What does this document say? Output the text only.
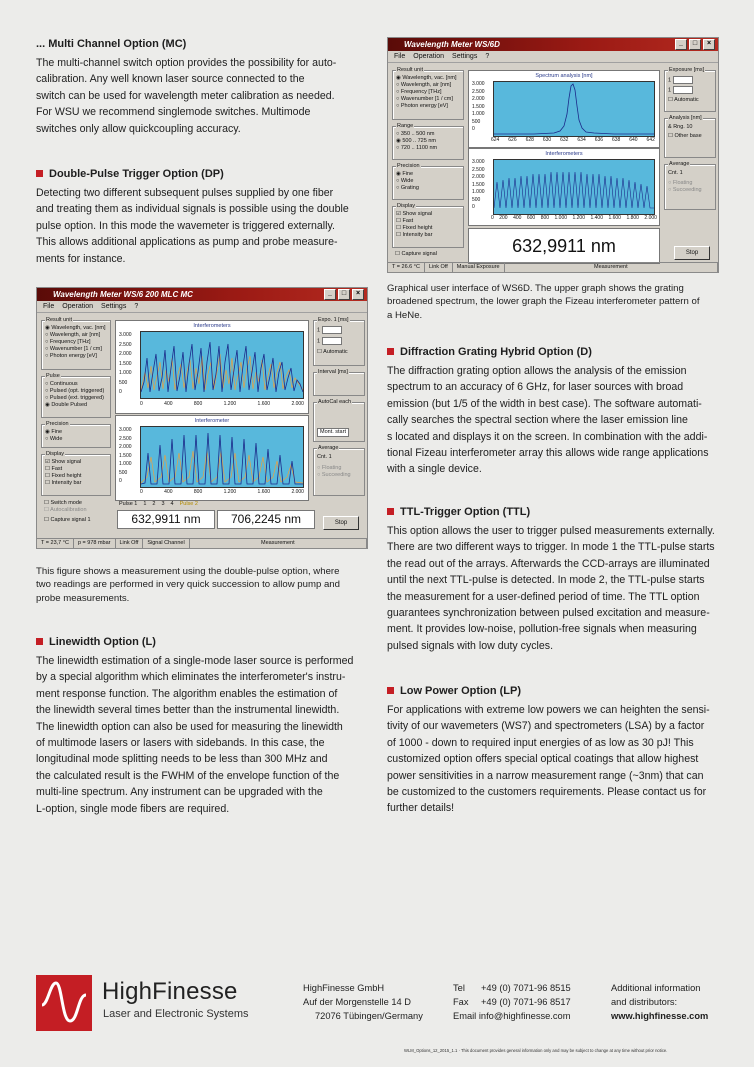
... Multi Channel Option (MC)

The multi-channel switch option provides the possibility for auto-
calibration. Any well known laser source connected to the
switch can be used for wavelength meter calibration as needed.
For WSU we recommend singlemode switches. Multimode
switches only allow quickcoupling accuracy.

Double-Pulse Trigger Option (DP)

Detecting two different subsequent pulses supplied by one fiber
and treating them as individual signals is possible using the double
pulse option. In this mode the wavemeter is triggered externally.
This allows additional applications as pump and probe measure-
ments for instance.

Wavelength Meter WS/6 200 MLC MC	_	□	×
File Operation Settings ?
Result unit
◉ Wavelength, vac. [nm]
○ Wavelength, air [nm]
○ Frequency [THz]
○ Wavenumber [1 / cm]
○ Photon energy [eV]
Pulse
○ Continuous
○ Pulsed (opt. triggered)
○ Pulsed (ext. triggered)
◉ Double Pulsed
Precision
◉ Fine
○ Wide
Display
☑ Show signal
☐ Fast
☐ Fixed height
☐ Intensity bar
☐ Switch mode
☐ Autocalibration
☐ Capture signal 1
Interferometers
3.000
2.500
2.000
1.500
1.000
500
0
0	400	800	1.200	1.600	2.000
Interferometer
3.000
2.500
2.000
1.500
1.000
500
0
0	400	800	1.200	1.600	2.000
Pulse 1 1 2 3 4 Pulse 2
632,9911 nm	706,2245 nm
Expo. 1 [ms]
1
1
☐ Automatic
Interval [ms]
AutoCal each
Mont. start
Average
Cnt. 1
○ Floating
○ Succeeding
Stop
T = 23,7 °C	p = 978 mbar	Link Off	Signal Channel	Measurement

This figure shows a measurement using the double-pulse option, where
two readings are performed in very quick succession to allow pump and
probe measurements.

Linewidth Option (L)

The linewidth estimation of a single-mode laser source is performed
by a special algorithm which eliminates the interferometer's instru-
ment response function. The algorithm enables the estimation of
the linewidth several times better than the instrumental linewidth.
The linewidth option can also be used for measuring the linewidth
of multimode lasers or lasers with sidebands. In this case, the
longitudinal mode splitting needs to be less than 300 MHz and
the calculated result is the FWHM of the envelope function of the
multi-line spectrum. Any instrument can be upgraded with the
L-option, single mode fibers are required.

Wavelength Meter WS/6D	_	□	×
File Operation Settings ?
Result unit
◉ Wavelength, vac. [nm]
○ Wavelength, air [nm]
○ Frequency [THz]
○ Wavenumber [1 / cm]
○ Photon energy [eV]
Range
○ 350 .. 500 nm
◉ 500 .. 725 nm
○ 720 .. 1100 nm
Precision
◉ Fine
○ Wide
○ Grating
Display
☑ Show signal
☐ Fast
☐ Fixed height
☐ Intensity bar
☐ Capture signal
Spectrum analysis [nm]
3.000
2.500
2.000
1.500
1.000
500
0
624 626 628 630 632 634 636 638 640 642
Interferometers
3.000
2.500
2.000
1.500
1.000
500
0
0 200 400 600 800 1.000 1.200 1.400 1.600 1.800 2.000
632,9911 nm
Exposure [ms]
1
1
☐ Automatic
Analysis [nm]
& Rng. 10
☐ Other base
Average
Cnt. 1
○ Floating
○ Succeeding
Stop
T = 26.6 °C	Link Off	Manual Exposure	Measurement

Graphical user interface of WS6D. The upper graph shows the grating
broadened spectrum, the lower graph the Fizeau interferometer pattern of
a HeNe.

Diffraction Grating Hybrid Option (D)

The diffraction grating option allows the analysis of the emission
spectrum to an accuracy of 6 GHz, for laser sources with broad
emission (but 1/5 of the width in best case). The software automati-
cally searches the spectral section where the laser emission line
s located and displays it on the screen. In combination with the addi-
tional Fizeau interferometer array this allows wide range applications
with a single device.

TTL-Trigger Option (TTL)

This option allows the user to trigger pulsed measurements externally.
There are two different ways to trigger. In mode 1 the TTL-pulse starts
the read out of the arrays. Afterwards the CCD-arrays are illuminated
until the next TTL-pulse is detected. In mode 2, the TTL-pulse starts
the measurement for a user-defined period of time. The TTL option
guarantees synchronization between pulsed excitation and measure-
ment. It provides low-noise, pollution-free signals when measuring
pulsed signals with low duty cycles.

Low Power Option (LP)

For applications with extreme low powers we can heighten the sensi-
tivity of our wavemeters (WS7) and spectrometers (LSA) by a factor
of 1000 - down to required input energies of as low as 30 pJ! This
customized option offers special optical coatings that allow highest
power sensitivities in a narrow measurement range (~3nm) that can
be customized to the customers requirements. Please contact us for
further details!

HighFinesse
Laser and Electronic Systems
HighFinesse GmbH
Auf der Morgenstelle 14 D
72076 Tübingen/Germany
Tel +49 (0) 7071-96 8515
Fax +49 (0) 7071-96 8517
Email info@highfinesse.com
Additional information
and distributors:
www.highfinesse.com
WLM_Options_12_2015_1.1 · This document provides general information only and may be subject to change at any time without prior notice.
